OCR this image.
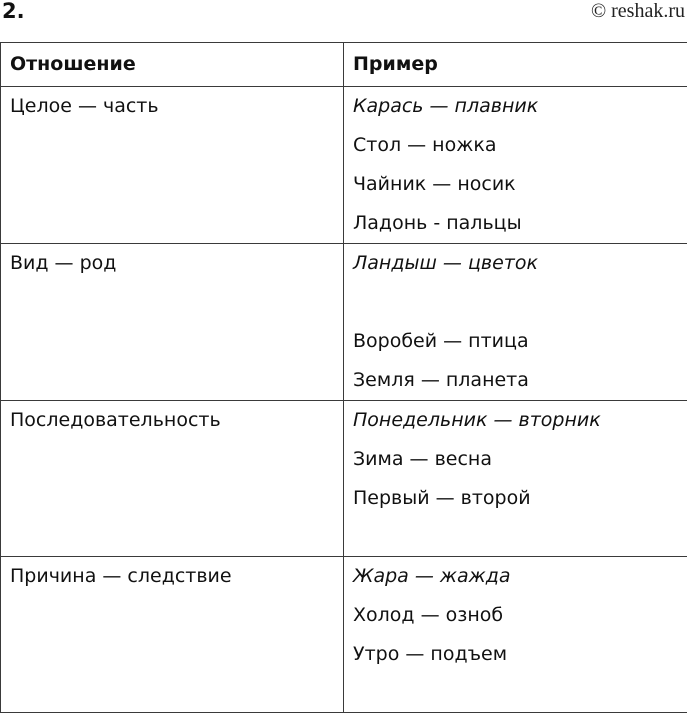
2.	© reshak.ru
Отношение	Пример
Целое — часть	Карась — плавник
Стол — ножка
Чайник — носик
Ладонь - пальцы

Вид — род	Ландыш — цветок
Воробей — птица
Земля — планета

Последовательность	Понедельник — вторник
Зима — весна
Первый — второй

Причина — следствие	Жара — жажда
Холод — озноб
Утро — подъем
